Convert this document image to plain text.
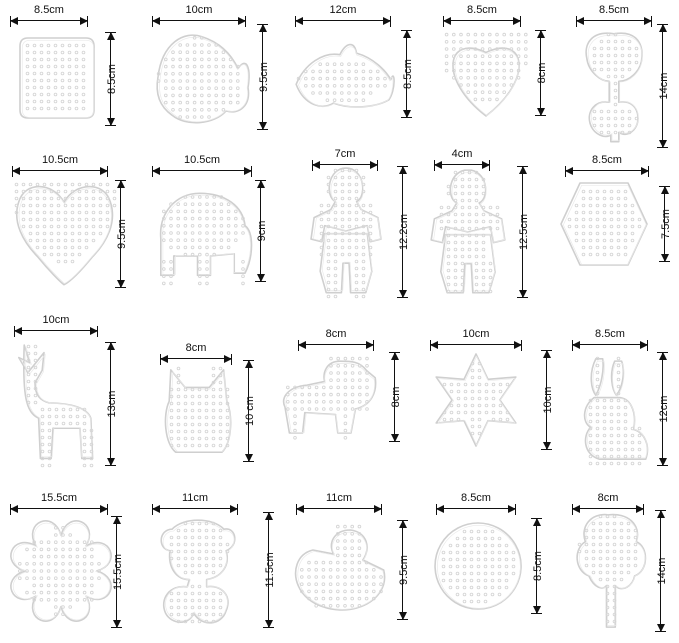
8.5cm
8.5cm
10cm
9.5cm
12cm
8.5cm
8.5cm
8cm
8.5cm
14cm
10.5cm
9.5cm
10.5cm
9cm
7cm
12.2cm
4cm
12.5cm
8.5cm
7.5cm
10cm
13cm
8cm
10 cm
8cm
8cm
10cm
10cm
8.5cm
12cm
15.5cm
15.5cm
11cm
11.5cm
11cm
9.5cm
8.5cm
8.5cm
8cm
14cm
